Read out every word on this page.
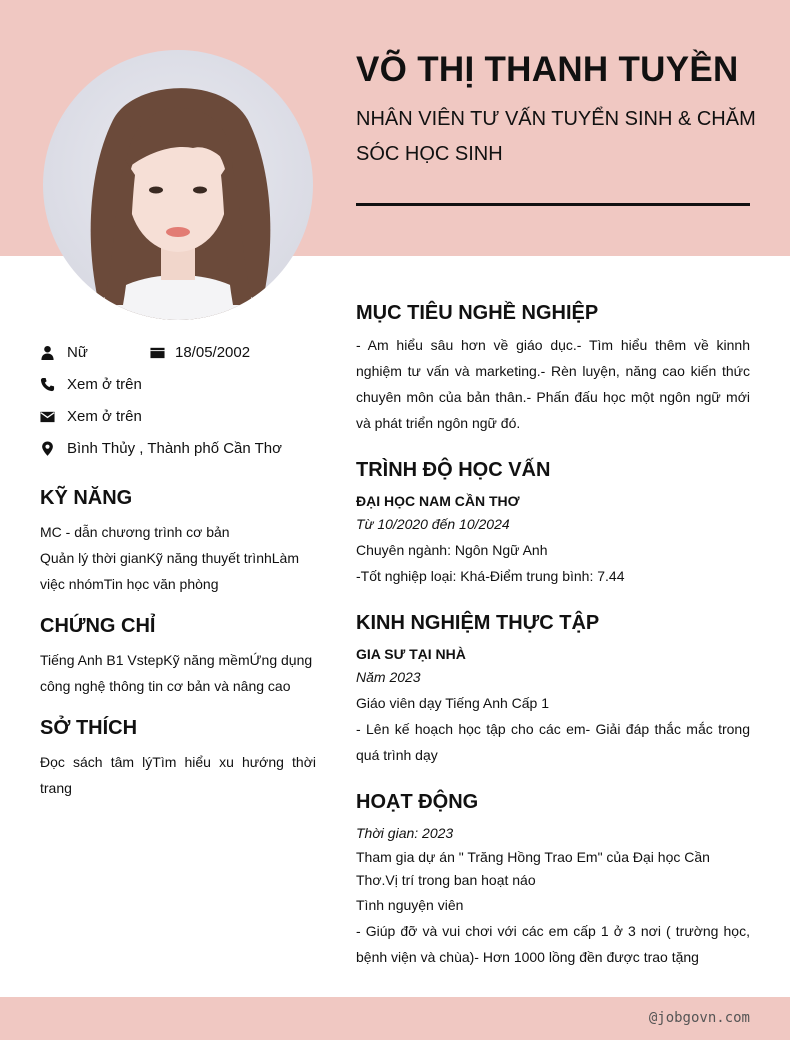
VÕ THỊ THANH TUYỀN
NHÂN VIÊN TƯ VẤN TUYỂN SINH & CHĂM SÓC HỌC SINH
Nữ	18/05/2002
Xem ở trên
Xem ở trên
Bình Thủy , Thành phố Cần Thơ
KỸ NĂNG
MC - dẫn chương trình cơ bản
Quản lý thời gianKỹ năng thuyết trìnhLàm việc nhómTin học văn phòng
CHỨNG CHỈ
Tiếng Anh B1 VstepKỹ năng mềmỨng dụng công nghệ thông tin cơ bản và nâng cao
SỞ THÍCH
Đọc sách tâm lýTìm hiểu xu hướng thời trang
MỤC TIÊU NGHỀ NGHIỆP
- Am hiểu sâu hơn về giáo dục.- Tìm hiểu thêm về kinnh nghiệm tư vấn và marketing.- Rèn luyện, năng cao kiến thức chuyên môn của bản thân.- Phấn đấu học một ngôn ngữ mới và phát triển ngôn ngữ đó.
TRÌNH ĐỘ HỌC VẤN
ĐẠI HỌC NAM CẦN THƠ
Từ 10/2020 đến 10/2024
Chuyên ngành: Ngôn Ngữ Anh
-Tốt nghiệp loại: Khá-Điểm trung bình: 7.44
KINH NGHIỆM THỰC TẬP
GIA SƯ TẠI NHÀ
Năm 2023
Giáo viên dạy Tiếng Anh Cấp 1
- Lên kế hoạch học tập cho các em- Giải đáp thắc mắc trong quá trình dạy
HOẠT ĐỘNG
Thời gian: 2023
Tham gia dự án " Trăng Hồng Trao Em" của Đại học Cần Thơ.Vị trí trong ban hoạt náo
Tình nguyện viên
- Giúp đỡ và vui chơi với các em cấp 1 ở 3 nơi ( trường học, bệnh viện và chùa)- Hơn 1000 lồng đền được trao tặng
@jobgovn.com
